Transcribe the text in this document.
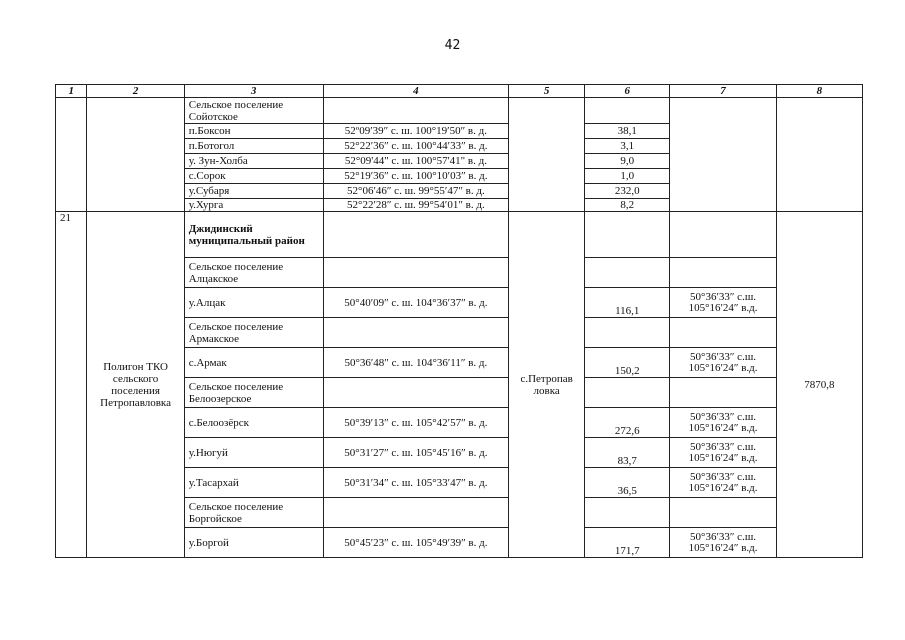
42
1	2	3	4	5	6	7	8
		Сельское поселение Сойотское					
		п.Боксон	52º09′39″ с. ш. 100°19′50″ в. д.		38,1		
		п.Ботогол	52°22′36″ с. ш. 100°44′33″ в. д.		3,1		
		у. Зун-Холба	52°09'44" с. ш. 100°57'41" в. д.		9,0		
		с.Сорок	52°19′36″ с. ш. 100°10′03″ в. д.		1,0		
		у.Субаря	52°06′46″ с. ш. 99°55′47″ в. д.		232,0		
		у.Хурга	52°22′28″ с. ш. 99°54′01″ в. д.		8,2		
21	Полигон ТКО сельского поселения Петропавловка	Джидинский муниципальный район		с.Петропав ловка			7870,8
		Сельское поселение Алцакское					
		у.Алцак	50°40′09″ с. ш. 104°36′37″ в. д.		116,1	50°36′33″ с.ш. 105°16′24″ в.д.	
		Сельское поселение Армакское					
		с.Армак	50°36′48″ с. ш. 104°36′11″ в. д.		150,2	50°36′33″ с.ш. 105°16′24″ в.д.	
		Сельское поселение Белоозерское					
		с.Белоозёрск	50°39′13″ с. ш. 105°42′57″ в. д.		272,6	50°36′33″ с.ш. 105°16′24″ в.д.	
		у.Нюгуй	50°31′27″ с. ш. 105°45′16″ в. д.		83,7	50°36′33″ с.ш. 105°16′24″ в.д.	
		у.Тасархай	50°31′34″ с. ш. 105°33′47″ в. д.		36,5	50°36′33″ с.ш. 105°16′24″ в.д.	
		Сельское поселение Боргойское					
		у.Боргой	50°45′23″ с. ш. 105°49′39″ в. д.		171,7	50°36′33″ с.ш. 105°16′24″ в.д.	
